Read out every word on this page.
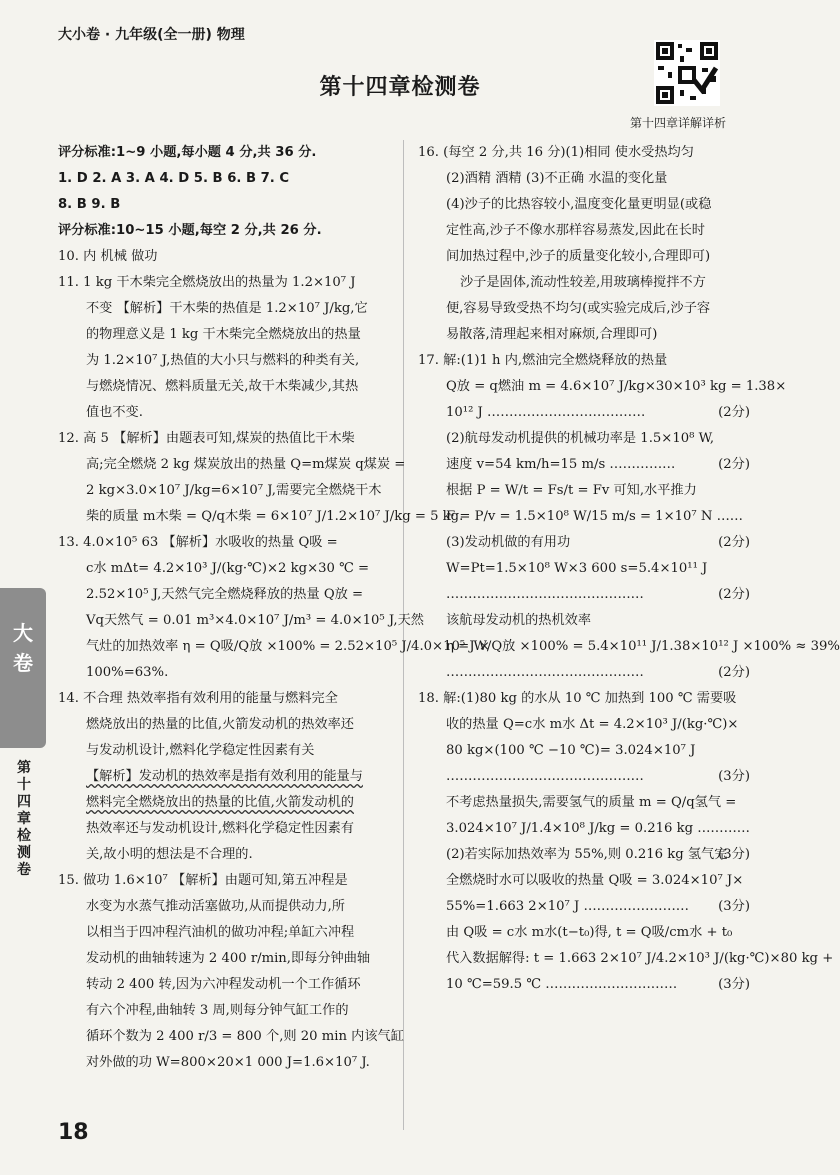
大小卷 · 九年级(全一册) 物理
第十四章检测卷
第十四章详解详析
大
卷
第十四章检测卷
评分标准:1~9 小题,每小题 4 分,共 36 分.
1. D 2. A 3. A 4. D 5. B 6. B 7. C
8. B 9. B
评分标准:10~15 小题,每空 2 分,共 26 分.
10. 内 机械 做功
11. 1 kg 干木柴完全燃烧放出的热量为 1.2×10⁷ J
不变 【解析】干木柴的热值是 1.2×10⁷ J/kg,它
的物理意义是 1 kg 干木柴完全燃烧放出的热量
为 1.2×10⁷ J,热值的大小只与燃料的种类有关,
与燃烧情况、燃料质量无关,故干木柴减少,其热
值也不变.
12. 高 5 【解析】由题表可知,煤炭的热值比干木柴
高;完全燃烧 2 kg 煤炭放出的热量 Q=m煤炭 q煤炭 =
2 kg×3.0×10⁷ J/kg=6×10⁷ J,需要完全燃烧干木
柴的质量 m木柴 = Q/q木柴 = 6×10⁷ J/1.2×10⁷ J/kg = 5 kg.
13. 4.0×10⁵ 63 【解析】水吸收的热量 Q吸 =
c水 mΔt= 4.2×10³ J/(kg·℃)×2 kg×30 ℃ =
2.52×10⁵ J,天然气完全燃烧释放的热量 Q放 =
Vq天然气 = 0.01 m³×4.0×10⁷ J/m³ = 4.0×10⁵ J,天然
气灶的加热效率 η = Q吸/Q放 ×100% = 2.52×10⁵ J/4.0×10⁵ J ×
100%=63%.
14. 不合理 热效率指有效利用的能量与燃料完全
燃烧放出的热量的比值,火箭发动机的热效率还
与发动机设计,燃料化学稳定性因素有关
【解析】发动机的热效率是指有效利用的能量与
燃料完全燃烧放出的热量的比值,火箭发动机的
热效率还与发动机设计,燃料化学稳定性因素有
关,故小明的想法是不合理的.
15. 做功 1.6×10⁷ 【解析】由题可知,第五冲程是
水变为水蒸气推动活塞做功,从而提供动力,所
以相当于四冲程汽油机的做功冲程;单缸六冲程
发动机的曲轴转速为 2 400 r/min,即每分钟曲轴
转动 2 400 转,因为六冲程发动机一个工作循环
有六个冲程,曲轴转 3 周,则每分钟气缸工作的
循环个数为 2 400 r/3 = 800 个,则 20 min 内该气缸
对外做的功 W=800×20×1 000 J=1.6×10⁷ J.
16. (每空 2 分,共 16 分)(1)相同 使水受热均匀
(2)酒精 酒精 (3)不正确 水温的变化量
(4)沙子的比热容较小,温度变化量更明显(或稳
定性高,沙子不像水那样容易蒸发,因此在长时
间加热过程中,沙子的质量变化较小,合理即可)
沙子是固体,流动性较差,用玻璃棒搅拌不方
便,容易导致受热不均匀(或实验完成后,沙子容
易散落,清理起来相对麻烦,合理即可)
17. 解:(1)1 h 内,燃油完全燃烧释放的热量
Q放 = q燃油 m = 4.6×10⁷ J/kg×30×10³ kg = 1.38×
10¹² J ………………………………	(2分)
(2)航母发动机提供的机械功率是 1.5×10⁸ W,
速度 v=54 km/h=15 m/s ……………	(2分)
根据 P = W/t = Fs/t = Fv 可知,水平推力
F = P/v = 1.5×10⁸ W/15 m/s = 1×10⁷ N ……
(2分)
(3)发动机做的有用功
W=Pt=1.5×10⁸ W×3 600 s=5.4×10¹¹ J
………………………………………	(2分)
该航母发动机的热机效率
η = W/Q放 ×100% = 5.4×10¹¹ J/1.38×10¹² J ×100% ≈ 39%
………………………………………	(2分)
18. 解:(1)80 kg 的水从 10 ℃ 加热到 100 ℃ 需要吸
收的热量 Q=c水 m水 Δt = 4.2×10³ J/(kg·℃)×
80 kg×(100 ℃ −10 ℃)= 3.024×10⁷ J
………………………………………	(3分)
不考虑热量损失,需要氢气的质量 m = Q/q氢气 =
3.024×10⁷ J/1.4×10⁸ J/kg = 0.216 kg …………
(3分)
(2)若实际加热效率为 55%,则 0.216 kg 氢气完
全燃烧时水可以吸收的热量 Q吸 = 3.024×10⁷ J×
55%=1.663 2×10⁷ J …………………… (3分)
由 Q吸 = c水 m水(t−t₀)得, t = Q吸/cm水 + t₀
代入数据解得: t = 1.663 2×10⁷ J/4.2×10³ J/(kg·℃)×80 kg +
10 ℃=59.5 ℃ …………………………	(3分)
18
